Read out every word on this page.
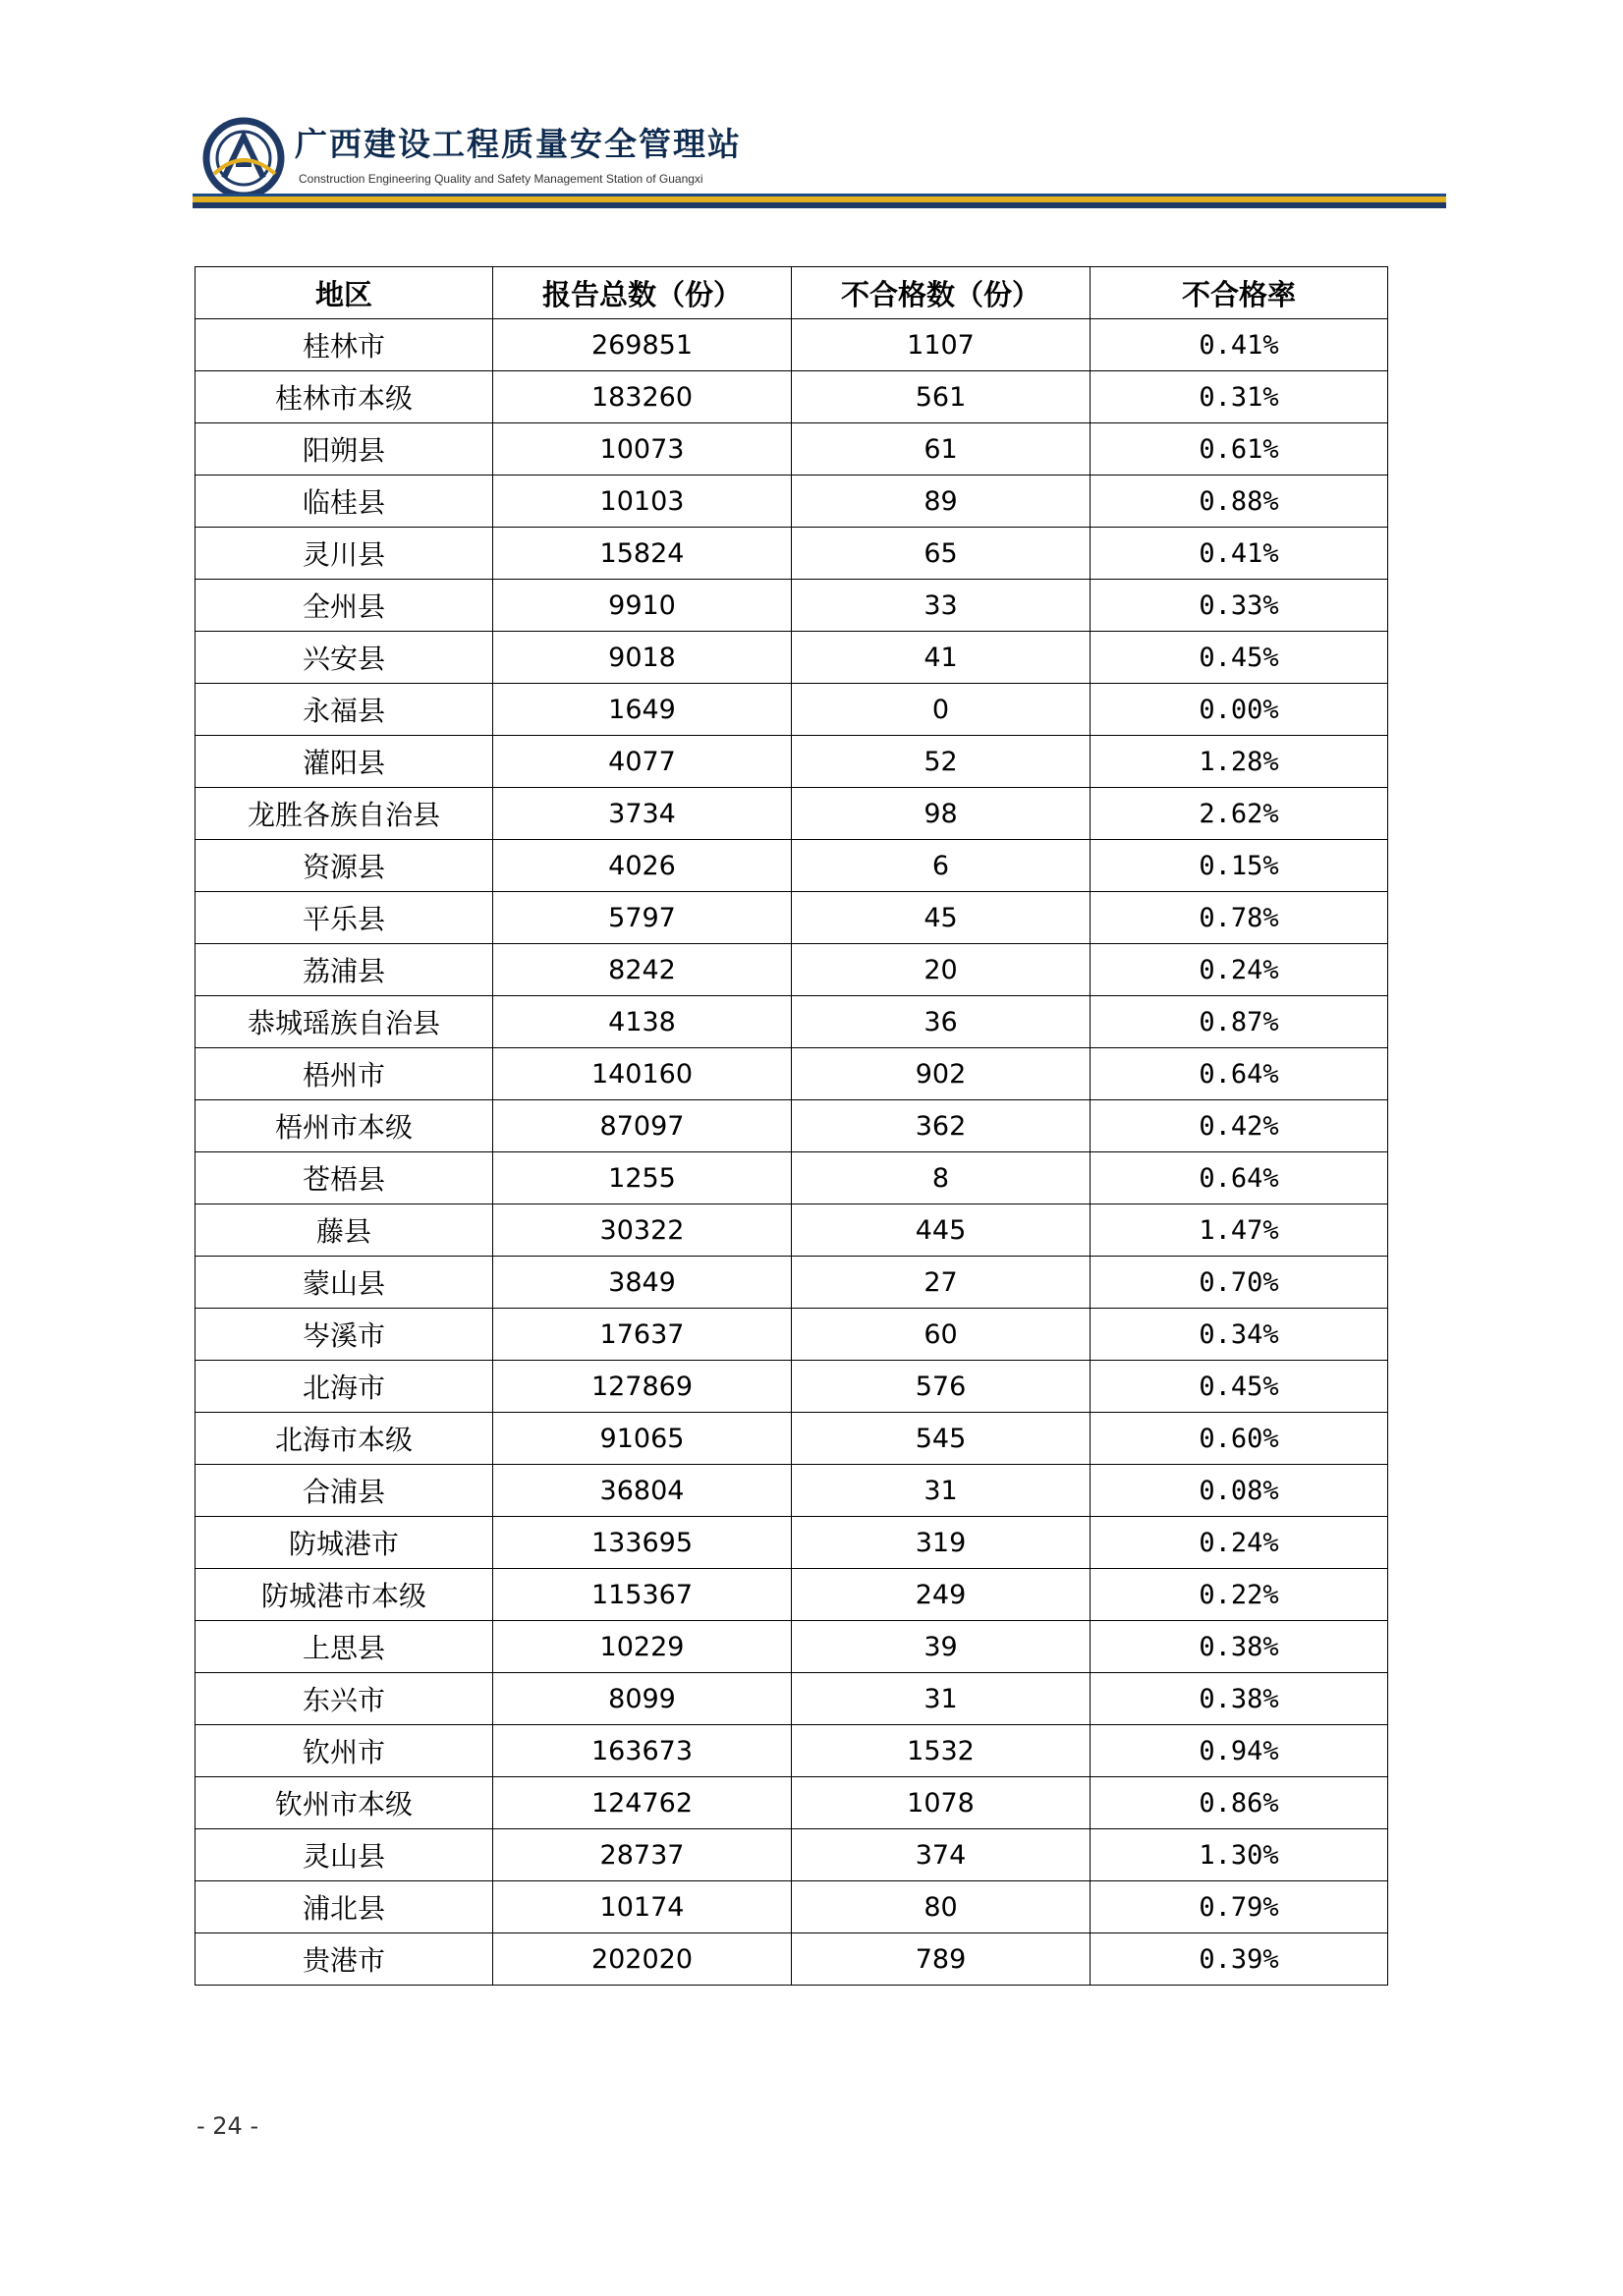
广西建设工程质量安全管理站
Construction Engineering Quality and Safety Management Station of Guangxi
地区	报告总数（份）	不合格数（份）	不合格率
桂林市	269851	1107	0.41%
桂林市本级	183260	561	0.31%
阳朔县	10073	61	0.61%
临桂县	10103	89	0.88%
灵川县	15824	65	0.41%
全州县	9910	33	0.33%
兴安县	9018	41	0.45%
永福县	1649	0	0.00%
灌阳县	4077	52	1.28%
龙胜各族自治县	3734	98	2.62%
资源县	4026	6	0.15%
平乐县	5797	45	0.78%
荔浦县	8242	20	0.24%
恭城瑶族自治县	4138	36	0.87%
梧州市	140160	902	0.64%
梧州市本级	87097	362	0.42%
苍梧县	1255	8	0.64%
藤县	30322	445	1.47%
蒙山县	3849	27	0.70%
岑溪市	17637	60	0.34%
北海市	127869	576	0.45%
北海市本级	91065	545	0.60%
合浦县	36804	31	0.08%
防城港市	133695	319	0.24%
防城港市本级	115367	249	0.22%
上思县	10229	39	0.38%
东兴市	8099	31	0.38%
钦州市	163673	1532	0.94%
钦州市本级	124762	1078	0.86%
灵山县	28737	374	1.30%
浦北县	10174	80	0.79%
贵港市	202020	789	0.39%
- 24 -
